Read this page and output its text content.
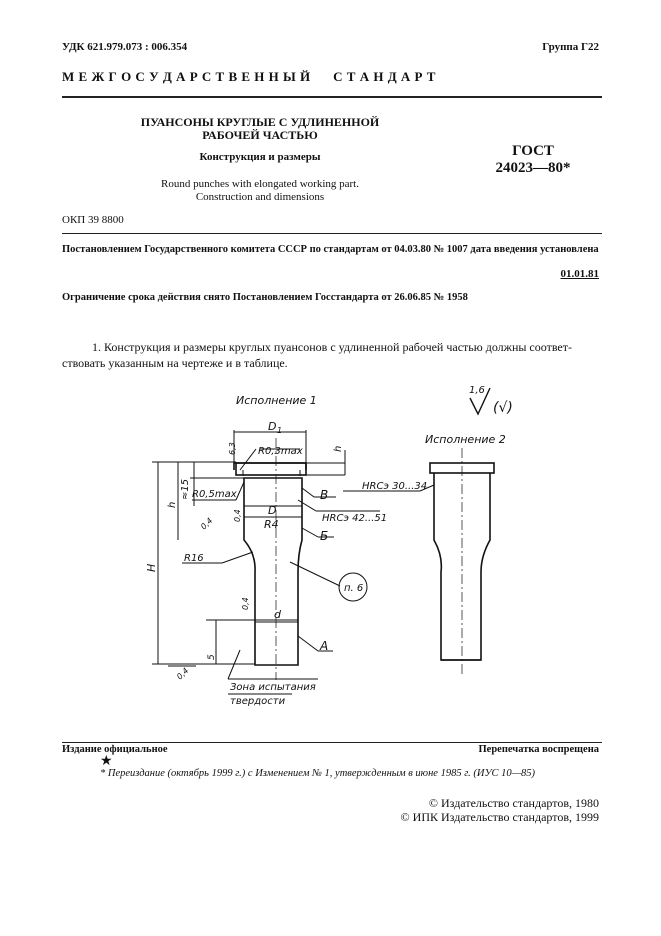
УДК 621.979.073 : 006.354	Группа Г22
М Е Ж Г О С У Д А Р С Т В Е Н Н Ы Й      С Т А Н Д А Р Т
ПУАНСОНЫ КРУГЛЫЕ С УДЛИНЕННОЙ
РАБОЧЕЙ ЧАСТЬЮ
Конструкция и размеры
Round punches with elongated working part.
Construction and dimensions
ГОСТ
24023—80*
ОКП 39 8800
Постановлением Государственного комитета СССР по стандартам от 04.03.80 № 1007 дата введения установлена
01.01.81
Ограничение срока действия снято Постановлением Госстандарта от 26.06.85 № 1958
1. Конструкция и размеры круглых пуансонов с удлиненной рабочей частью должны соответ-
ствовать указанным на чертеже и в таблице.
Исполнение 1
Исполнение 2
1,6
(√)
D 1
R0,3max
R0,5max
R4
R16
D
d
h
H
≈15
h
6,3
0,4
0,4
0,4
0,4
5
В
Б
А
HRCэ 42...51
HRCэ 30...34
п. 6
Зона испытания
твердости
Издание официальное	Перепечатка воспрещена
★
* Переиздание (октябрь 1999 г.) с Изменением № 1, утвержденным в июне 1985 г. (ИУС 10—85)
© Издательство стандартов, 1980
© ИПК Издательство стандартов, 1999
